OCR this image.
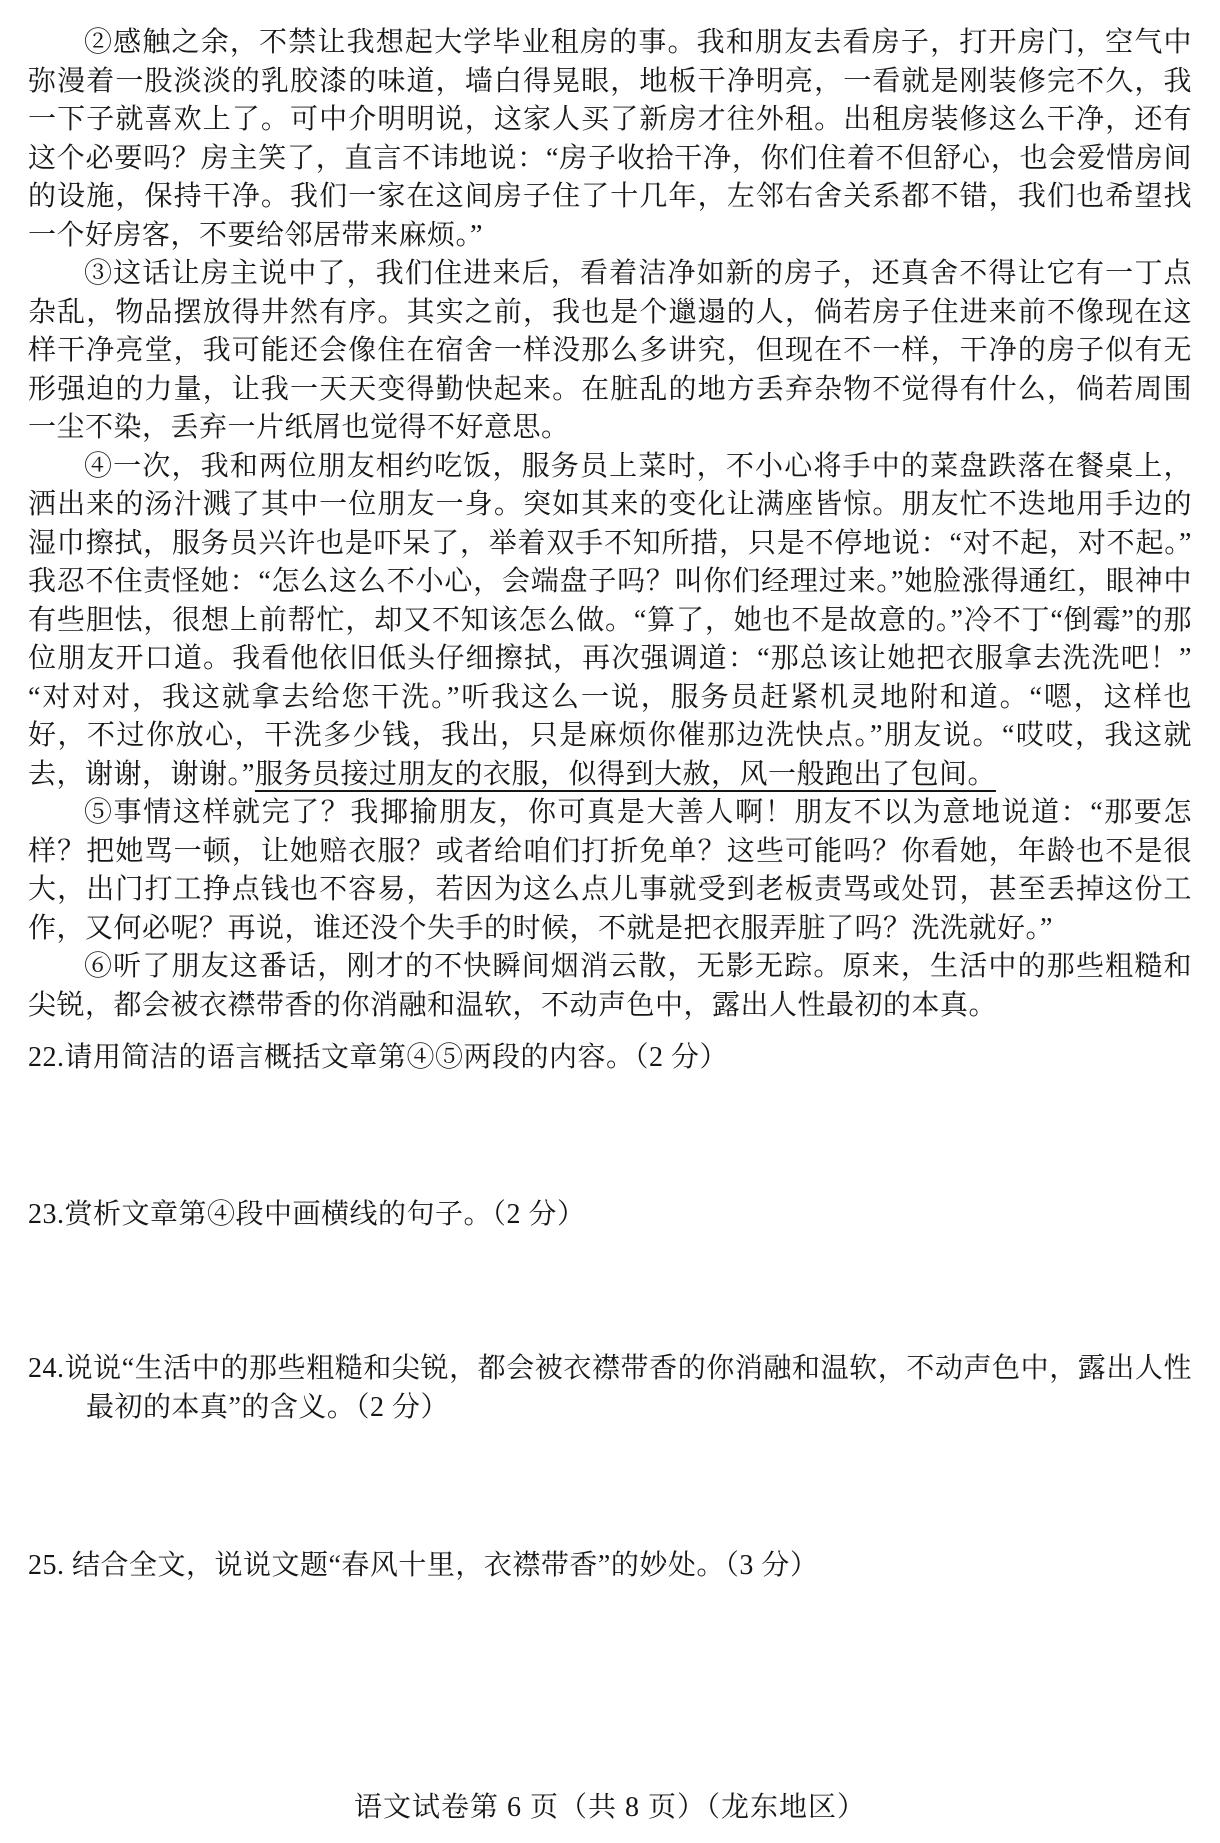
②感触之余，不禁让我想起大学毕业租房的事。我和朋友去看房子，打开房门，空气中弥漫着一股淡淡的乳胶漆的味道，墙白得晃眼，地板干净明亮，一看就是刚装修完不久，我一下子就喜欢上了。可中介明明说，这家人买了新房才往外租。出租房装修这么干净，还有这个必要吗？房主笑了，直言不讳地说：“房子收拾干净，你们住着不但舒心，也会爱惜房间的设施，保持干净。我们一家在这间房子住了十几年，左邻右舍关系都不错，我们也希望找一个好房客，不要给邻居带来麻烦。”

③这话让房主说中了，我们住进来后，看着洁净如新的房子，还真舍不得让它有一丁点杂乱，物品摆放得井然有序。其实之前，我也是个邋遢的人，倘若房子住进来前不像现在这样干净亮堂，我可能还会像住在宿舍一样没那么多讲究，但现在不一样，干净的房子似有无形强迫的力量，让我一天天变得勤快起来。在脏乱的地方丢弃杂物不觉得有什么，倘若周围一尘不染，丢弃一片纸屑也觉得不好意思。

④一次，我和两位朋友相约吃饭，服务员上菜时，不小心将手中的菜盘跌落在餐桌上，洒出来的汤汁溅了其中一位朋友一身。突如其来的变化让满座皆惊。朋友忙不迭地用手边的湿巾擦拭，服务员兴许也是吓呆了，举着双手不知所措，只是不停地说：“对不起，对不起。”我忍不住责怪她：“怎么这么不小心，会端盘子吗？叫你们经理过来。”她脸涨得通红，眼神中有些胆怯，很想上前帮忙，却又不知该怎么做。“算了，她也不是故意的。”冷不丁“倒霉”的那位朋友开口道。我看他依旧低头仔细擦拭，再次强调道：“那总该让她把衣服拿去洗洗吧！”“对对对，我这就拿去给您干洗。”听我这么一说，服务员赶紧机灵地附和道。“嗯，这样也好，不过你放心，干洗多少钱，我出，只是麻烦你催那边洗快点。”朋友说。“哎哎，我这就去，谢谢，谢谢。”服务员接过朋友的衣服，似得到大赦，风一般跑出了包间。

⑤事情这样就完了？我揶揄朋友，你可真是大善人啊！朋友不以为意地说道：“那要怎样？把她骂一顿，让她赔衣服？或者给咱们打折免单？这些可能吗？你看她，年龄也不是很大，出门打工挣点钱也不容易，若因为这么点儿事就受到老板责骂或处罚，甚至丢掉这份工作，又何必呢？再说，谁还没个失手的时候，不就是把衣服弄脏了吗？洗洗就好。”

⑥听了朋友这番话，刚才的不快瞬间烟消云散，无影无踪。原来，生活中的那些粗糙和尖锐，都会被衣襟带香的你消融和温软，不动声色中，露出人性最初的本真。

22.请用简洁的语言概括文章第④⑤两段的内容。（2 分）
23.赏析文章第④段中画横线的句子。（2 分）
24.说说“生活中的那些粗糙和尖锐，都会被衣襟带香的你消融和温软，不动声色中，露出人性最初的本真”的含义。（2 分）
25. 结合全文，说说文题“春风十里，衣襟带香”的妙处。（3 分）
语文试卷第 6 页（共 8 页）（龙东地区）
